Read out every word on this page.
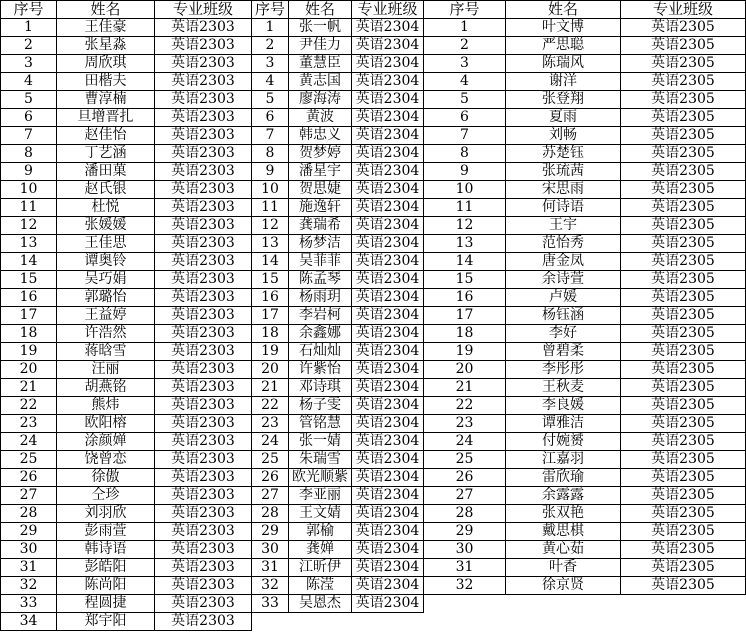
序号	姓名	专业班级	序号	姓名	专业班级	序号	姓名	专业班级
1	王佳豪	英语2303	1	张一帆	英语2304	1	叶文博	英语2305
2	张星淼	英语2303	2	尹佳力	英语2304	2	严思聪	英语2305
3	周欣琪	英语2303	3	董慧臣	英语2304	3	陈瑞风	英语2305
4	田楷夫	英语2303	4	黄志国	英语2304	4	谢洋	英语2305
5	曹淳楠	英语2303	5	廖海涛	英语2304	5	张登翔	英语2305
6	旦增晋扎	英语2303	6	黄波	英语2304	6	夏雨	英语2305
7	赵佳怡	英语2303	7	韩忠义	英语2304	7	刘畅	英语2305
8	丁艺涵	英语2303	8	贺梦婷	英语2304	8	苏楚钰	英语2305
9	潘田菓	英语2303	9	潘星宇	英语2304	9	张琉茜	英语2305
10	赵氏银	英语2303	10	贺思婕	英语2304	10	宋思雨	英语2305
11	杜悦	英语2303	11	施逸轩	英语2304	11	何诗语	英语2305
12	张媛媛	英语2303	12	龚瑞希	英语2304	12	王宇	英语2305
13	王佳思	英语2303	13	杨梦洁	英语2304	13	范怡秀	英语2305
14	谭奥铃	英语2303	14	吴菲菲	英语2304	14	唐金凤	英语2305
15	吴巧娟	英语2303	15	陈孟琴	英语2304	15	余诗萱	英语2305
16	郭璐怡	英语2303	16	杨雨玥	英语2304	16	卢媛	英语2305
17	王益婷	英语2303	17	李岩柯	英语2304	17	杨钰涵	英语2305
18	许浩然	英语2303	18	余鑫娜	英语2304	18	李好	英语2305
19	蒋晗雪	英语2303	19	石灿灿	英语2304	19	曾碧柔	英语2305
20	汪丽	英语2303	20	许紫怡	英语2304	20	李彤彤	英语2305
21	胡燕铭	英语2303	21	邓诗琪	英语2304	21	王秋麦	英语2305
22	熊炜	英语2303	22	杨子雯	英语2304	22	李良媛	英语2305
23	欧阳榕	英语2303	23	管铭慧	英语2304	23	谭雅洁	英语2305
24	涂颜婵	英语2303	24	张一婧	英语2304	24	付婉赟	英语2305
25	饶曾恋	英语2303	25	朱瑞雪	英语2304	25	江嘉羽	英语2305
26	徐傲	英语2303	26	欧光顺紫	英语2304	26	雷欣瑜	英语2305
27	仝珍	英语2303	27	李亚丽	英语2304	27	余露露	英语2305
28	刘羽欣	英语2303	28	王文婧	英语2304	28	张双艳	英语2305
29	彭雨萱	英语2303	29	郭榆	英语2304	29	戴思棋	英语2305
30	韩诗语	英语2303	30	龚婵	英语2304	30	黄心茹	英语2305
31	彭皓阳	英语2303	31	江昕伊	英语2304	31	叶香	英语2305
32	陈尚阳	英语2303	32	陈滢	英语2304	32	徐京贤	英语2305
33	程圆捷	英语2303	33	吴恩杰	英语2304			
34	郑宇阳	英语2303						
